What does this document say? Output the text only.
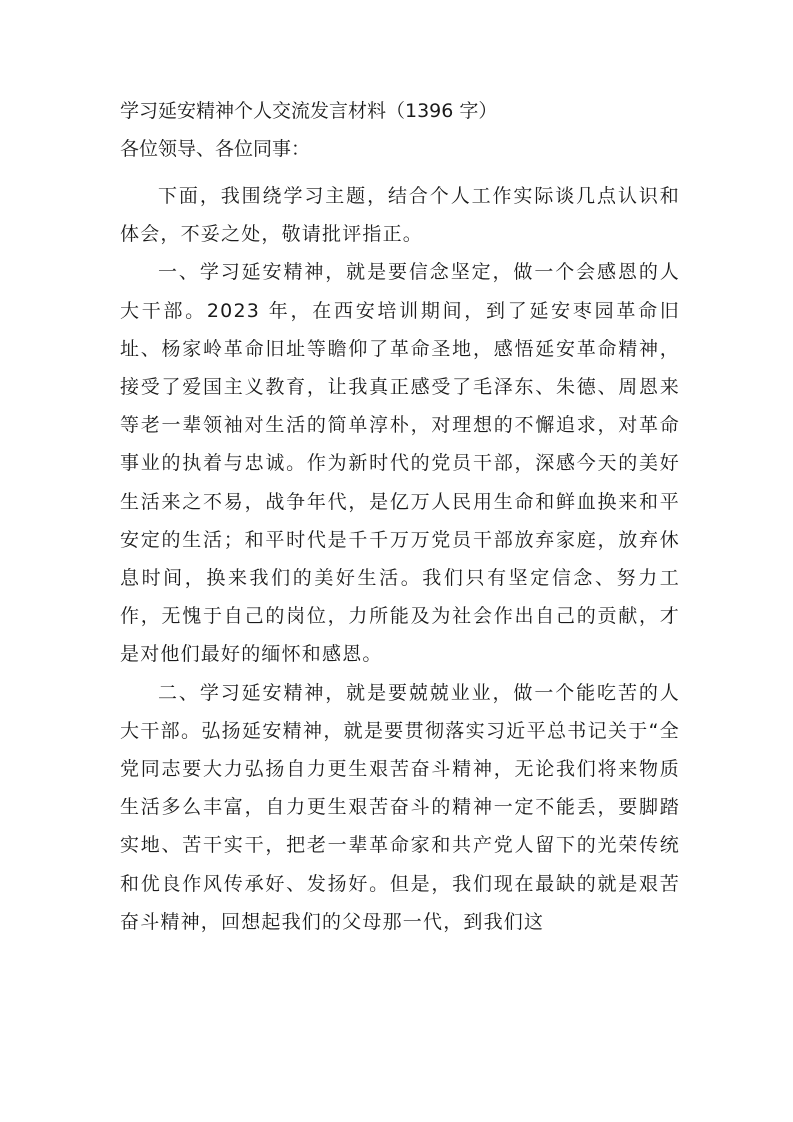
学习延安精神个人交流发言材料（1396 字）
各位领导、各位同事：

下面，我围绕学习主题，结合个人工作实际谈几点认识和体会，不妥之处，敬请批评指正。

一、学习延安精神，就是要信念坚定，做一个会感恩的人大干部。2023 年，在西安培训期间，到了延安枣园革命旧址、杨家岭革命旧址等瞻仰了革命圣地，感悟延安革命精神，接受了爱国主义教育，让我真正感受了毛泽东、朱德、周恩来等老一辈领袖对生活的简单淳朴，对理想的不懈追求，对革命事业的执着与忠诚。作为新时代的党员干部，深感今天的美好生活来之不易，战争年代，是亿万人民用生命和鲜血换来和平安定的生活；和平时代是千千万万党员干部放弃家庭，放弃休息时间，换来我们的美好生活。我们只有坚定信念、努力工作，无愧于自己的岗位，力所能及为社会作出自己的贡献，才是对他们最好的缅怀和感恩。

二、学习延安精神，就是要兢兢业业，做一个能吃苦的人大干部。弘扬延安精神，就是要贯彻落实习近平总书记关于“全党同志要大力弘扬自力更生艰苦奋斗精神，无论我们将来物质生活多么丰富，自力更生艰苦奋斗的精神一定不能丢，要脚踏实地、苦干实干，把老一辈革命家和共产党人留下的光荣传统和优良作风传承好、发扬好。但是，我们现在最缺的就是艰苦奋斗精神，回想起我们的父母那一代，到我们这
